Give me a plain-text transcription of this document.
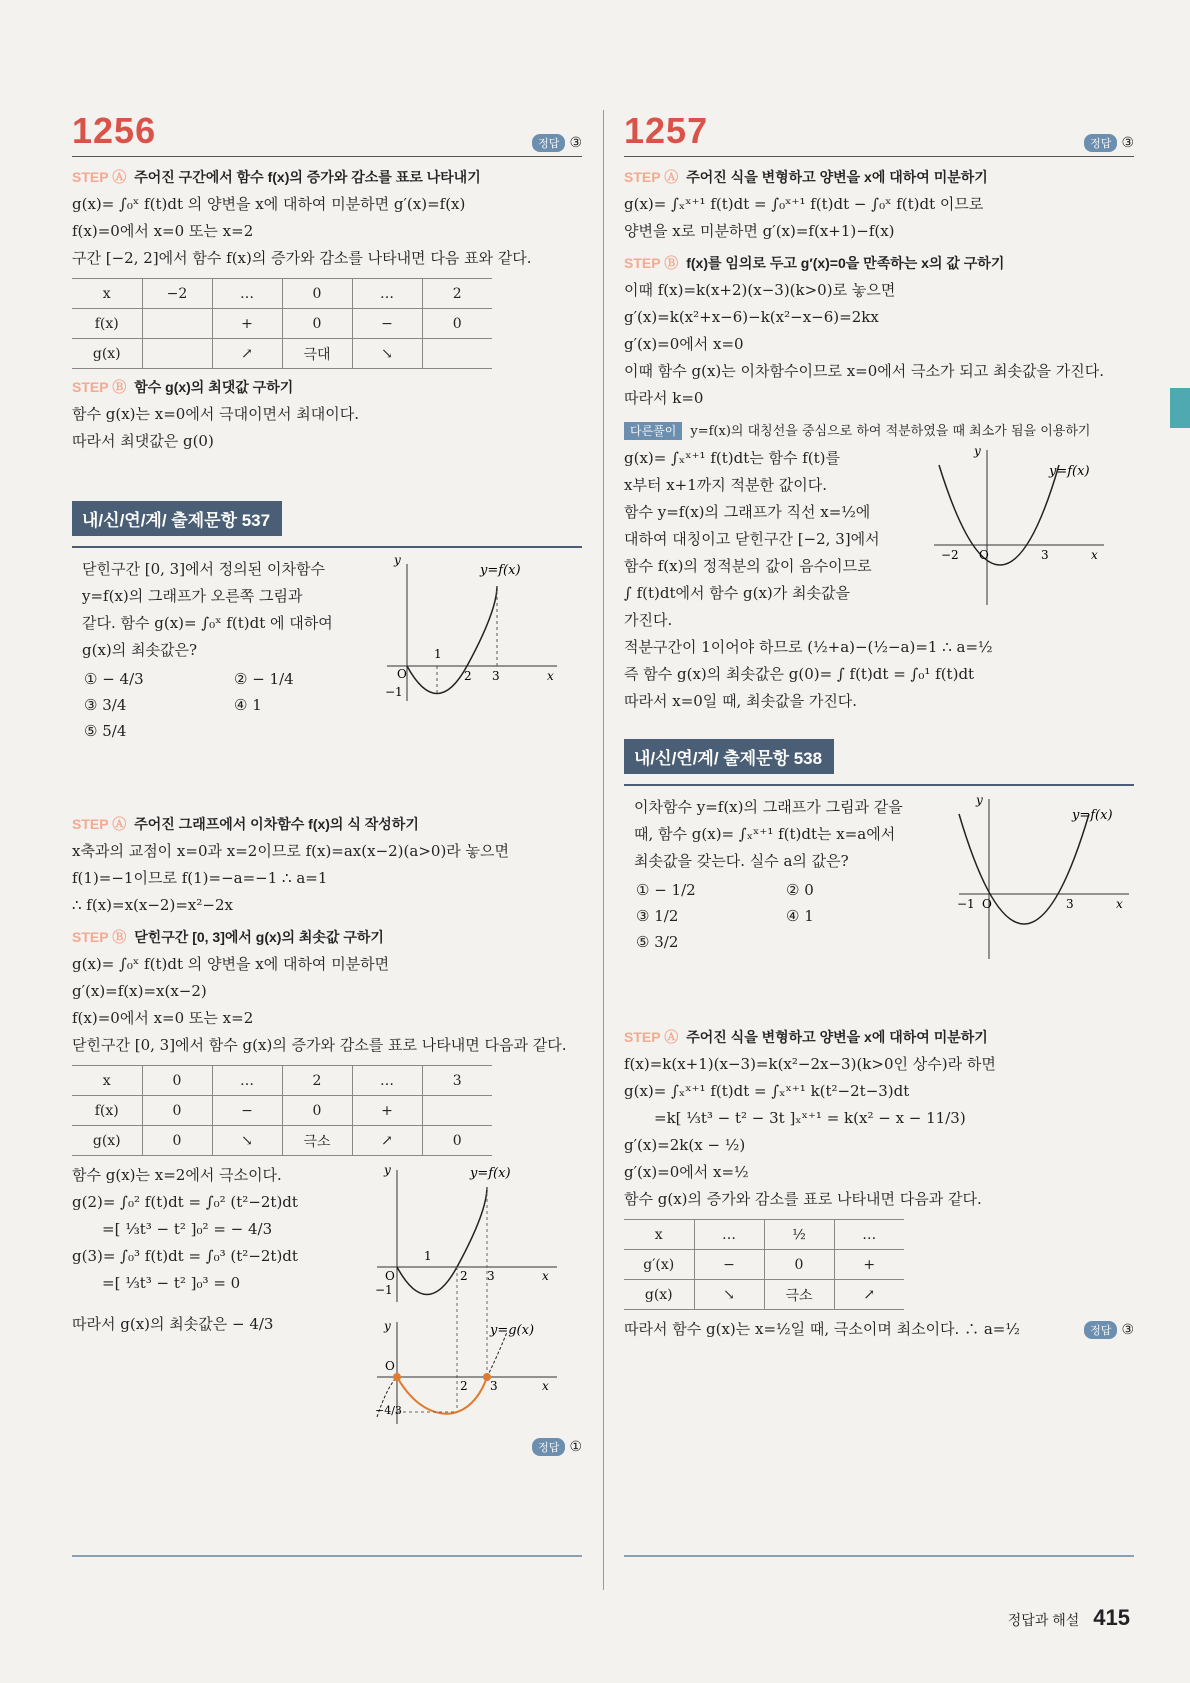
1256	정답 ③
STEP Ⓐ 주어진 구간에서 함수 f(x)의 증가와 감소를 표로 나타내기
g(x)= ∫₀ˣ f(t)dt 의 양변을 x에 대하여 미분하면 g′(x)=f(x)
f(x)=0에서 x=0 또는 x=2
구간 [−2, 2]에서 함수 f(x)의 증가와 감소를 나타내면 다음 표와 같다.
x	−2	…	0	…	2
f(x)		+	0	−	0
g(x)		↗	극대	↘	
STEP Ⓑ 함수 g(x)의 최댓값 구하기
함수 g(x)는 x=0에서 극대이면서 최대이다.
따라서 최댓값은 g(0)
내/신/연/계/ 출제문항 537
닫힌구간 [0, 3]에서 정의된 이차함수
y=f(x)의 그래프가 오른쪽 그림과
같다. 함수 g(x)= ∫₀ˣ f(t)dt 에 대하여
g(x)의 최솟값은?
① − 4/3	② − 1/4
③ 3/4	④ 1
⑤ 5/4
y
y=f(x)
O
−1
1
2 3	x
STEP Ⓐ 주어진 그래프에서 이차함수 f(x)의 식 작성하기
x축과의 교점이 x=0과 x=2이므로 f(x)=ax(x−2)(a>0)라 놓으면
f(1)=−1이므로 f(1)=−a=−1 ∴ a=1
∴ f(x)=x(x−2)=x²−2x
STEP Ⓑ 닫힌구간 [0, 3]에서 g(x)의 최솟값 구하기
g(x)= ∫₀ˣ f(t)dt 의 양변을 x에 대하여 미분하면
g′(x)=f(x)=x(x−2)
f(x)=0에서 x=0 또는 x=2
닫힌구간 [0, 3]에서 함수 g(x)의 증가와 감소를 표로 나타내면 다음과 같다.
x	0	…	2	…	3
f(x)	0	−	0	+	
g(x)	0	↘	극소	↗	0
함수 g(x)는 x=2에서 극소이다.
g(2)= ∫₀² f(t)dt = ∫₀² (t²−2t)dt
=[ ⅓t³ − t² ]₀² = − 4/3
g(3)= ∫₀³ f(t)dt = ∫₀³ (t²−2t)dt
=[ ⅓t³ − t² ]₀³ = 0
따라서 g(x)의 최솟값은 − 4/3
y	y=f(x)
O
−1
1
2 3	x
y	y=g(x)
O
2 3	x
−4/3
정답 ①
1257	정답 ③
STEP Ⓐ 주어진 식을 변형하고 양변을 x에 대하여 미분하기
g(x)= ∫ₓˣ⁺¹ f(t)dt = ∫₀ˣ⁺¹ f(t)dt − ∫₀ˣ f(t)dt 이므로
양변을 x로 미분하면 g′(x)=f(x+1)−f(x)
STEP Ⓑ f(x)를 임의로 두고 g′(x)=0을 만족하는 x의 값 구하기
이때 f(x)=k(x+2)(x−3)(k>0)로 놓으면
g′(x)=k(x²+x−6)−k(x²−x−6)=2kx
g′(x)=0에서 x=0
이때 함수 g(x)는 이차함수이므로 x=0에서 극소가 되고 최솟값을 가진다.
따라서 k=0
다른풀이 y=f(x)의 대칭선을 중심으로 하여 적분하였을 때 최소가 됨을 이용하기
g(x)= ∫ₓˣ⁺¹ f(t)dt는 함수 f(t)를
x부터 x+1까지 적분한 값이다.
함수 y=f(x)의 그래프가 직선 x=½에
대하여 대칭이고 닫힌구간 [−2, 3]에서
함수 f(x)의 정적분의 값이 음수이므로
∫ f(t)dt에서 함수 g(x)가 최솟값을
가진다.
적분구간이 1이어야 하므로 (½+a)−(½−a)=1 ∴ a=½
즉 함수 g(x)의 최솟값은 g(0)= ∫ f(t)dt = ∫₀¹ f(t)dt
따라서 x=0일 때, 최솟값을 가진다.
y
y=f(x)
O
−2	3	x
내/신/연/계/ 출제문항 538
이차함수 y=f(x)의 그래프가 그림과 같을
때, 함수 g(x)= ∫ₓˣ⁺¹ f(t)dt는 x=a에서
최솟값을 갖는다. 실수 a의 값은?
① − 1/2	② 0
③ 1/2	④ 1
⑤ 3/2
y
y=f(x)
O
−1	3	x
STEP Ⓐ 주어진 식을 변형하고 양변을 x에 대하여 미분하기
f(x)=k(x+1)(x−3)=k(x²−2x−3)(k>0인 상수)라 하면
g(x)= ∫ₓˣ⁺¹ f(t)dt = ∫ₓˣ⁺¹ k(t²−2t−3)dt
=k[ ⅓t³ − t² − 3t ]ₓˣ⁺¹ = k(x² − x − 11/3)
g′(x)=2k(x − ½)
g′(x)=0에서 x=½
함수 g(x)의 증가와 감소를 표로 나타내면 다음과 같다.
x	…	½	…
g′(x)	−	0	+
g(x)	↘	극소	↗
따라서 함수 g(x)는 x=½일 때, 극소이며 최소이다. ∴ a=½	정답 ③
정답과 해설 415
